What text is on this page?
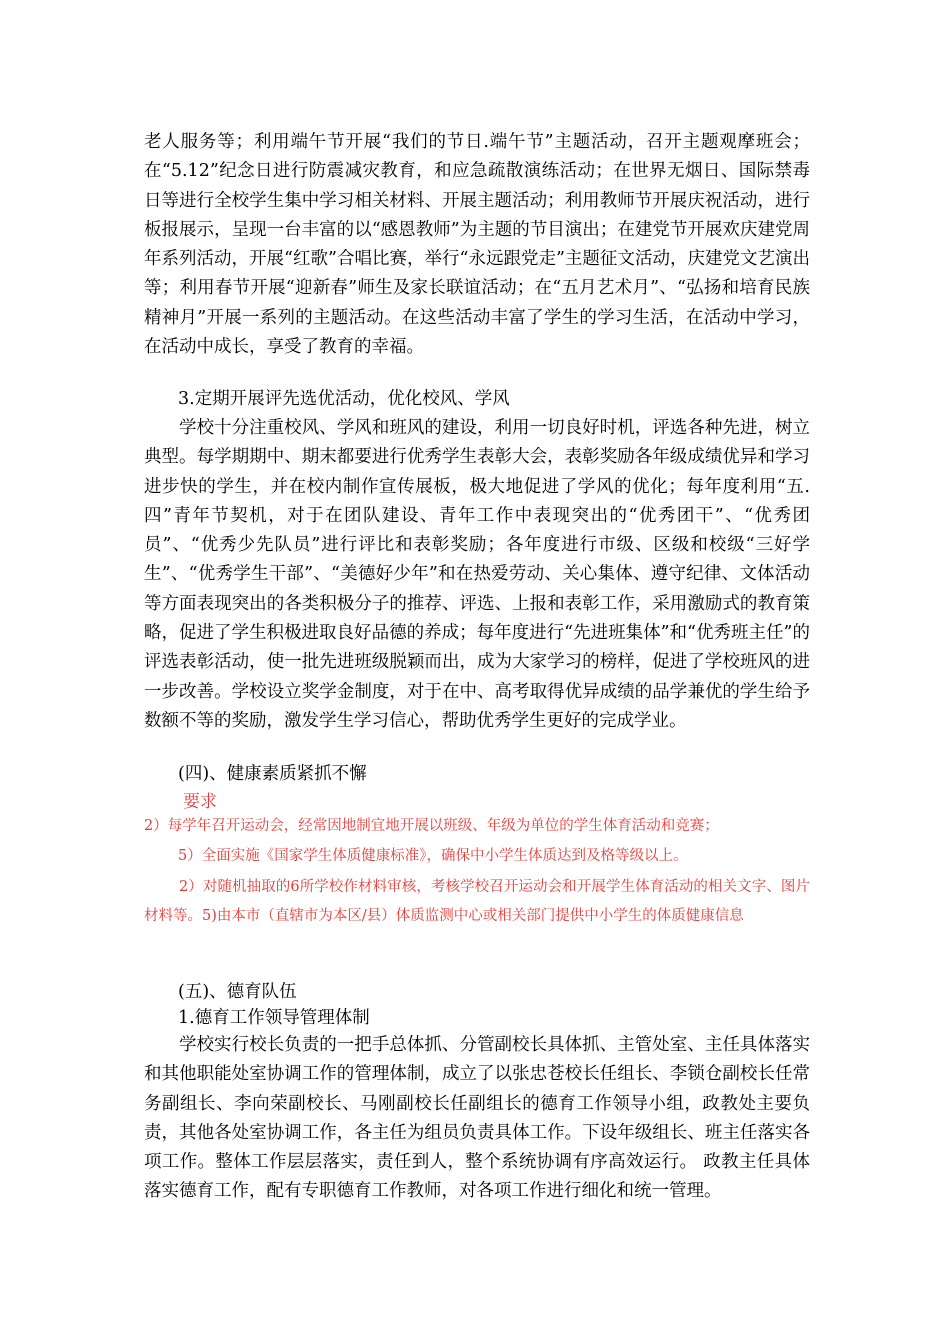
老人服务等；利用端午节开展“我们的节日.端午节”主题活动，召开主题观摩班会；在“5.12”纪念日进行防震减灾教育，和应急疏散演练活动；在世界无烟日、国际禁毒日等进行全校学生集中学习相关材料、开展主题活动；利用教师节开展庆祝活动，进行板报展示，呈现一台丰富的以“感恩教师”为主题的节目演出；在建党节开展欢庆建党周年系列活动，开展“红歌”合唱比赛，举行“永远跟党走”主题征文活动，庆建党文艺演出等；利用春节开展“迎新春”师生及家长联谊活动；在“五月艺术月”、“弘扬和培育民族精神月”开展一系列的主题活动。在这些活动丰富了学生的学习生活，在活动中学习，在活动中成长，享受了教育的幸福。

3.定期开展评先选优活动，优化校风、学风

学校十分注重校风、学风和班风的建设，利用一切良好时机，评选各种先进，树立典型。每学期期中、期末都要进行优秀学生表彰大会，表彰奖励各年级成绩优异和学习进步快的学生，并在校内制作宣传展板，极大地促进了学风的优化；每年度利用“五.四”青年节契机，对于在团队建设、青年工作中表现突出的“优秀团干”、“优秀团员”、“优秀少先队员”进行评比和表彰奖励；各年度进行市级、区级和校级“三好学生”、“优秀学生干部”、“美德好少年”和在热爱劳动、关心集体、遵守纪律、文体活动等方面表现突出的各类积极分子的推荐、评选、上报和表彰工作，采用激励式的教育策略，促进了学生积极进取良好品德的养成；每年度进行“先进班集体”和“优秀班主任”的评选表彰活动，使一批先进班级脱颖而出，成为大家学习的榜样，促进了学校班风的进一步改善。学校设立奖学金制度，对于在中、高考取得优异成绩的品学兼优的学生给予数额不等的奖励，激发学生学习信心，帮助优秀学生更好的完成学业。

(四)、健康素质紧抓不懈

要求

2）每学年召开运动会，经常因地制宜地开展以班级、年级为单位的学生体育活动和竞赛；

5）全面实施《国家学生体质健康标准》，确保中小学生体质达到及格等级以上。

2）对随机抽取的6所学校作材料审核，考核学校召开运动会和开展学生体育活动的相关文字、图片材料等。5)由本市（直辖市为本区/县）体质监测中心或相关部门提供中小学生的体质健康信息

(五)、德育队伍

1.德育工作领导管理体制

学校实行校长负责的一把手总体抓、分管副校长具体抓、主管处室、主任具体落实和其他职能处室协调工作的管理体制，成立了以张忠苍校长任组长、李锁仓副校长任常务副组长、李向荣副校长、马刚副校长任副组长的德育工作领导小组，政教处主要负责，其他各处室协调工作，各主任为组员负责具体工作。下设年级组长、班主任落实各项工作。整体工作层层落实，责任到人，整个系统协调有序高效运行。 政教主任具体落实德育工作，配有专职德育工作教师，对各项工作进行细化和统一管理。
